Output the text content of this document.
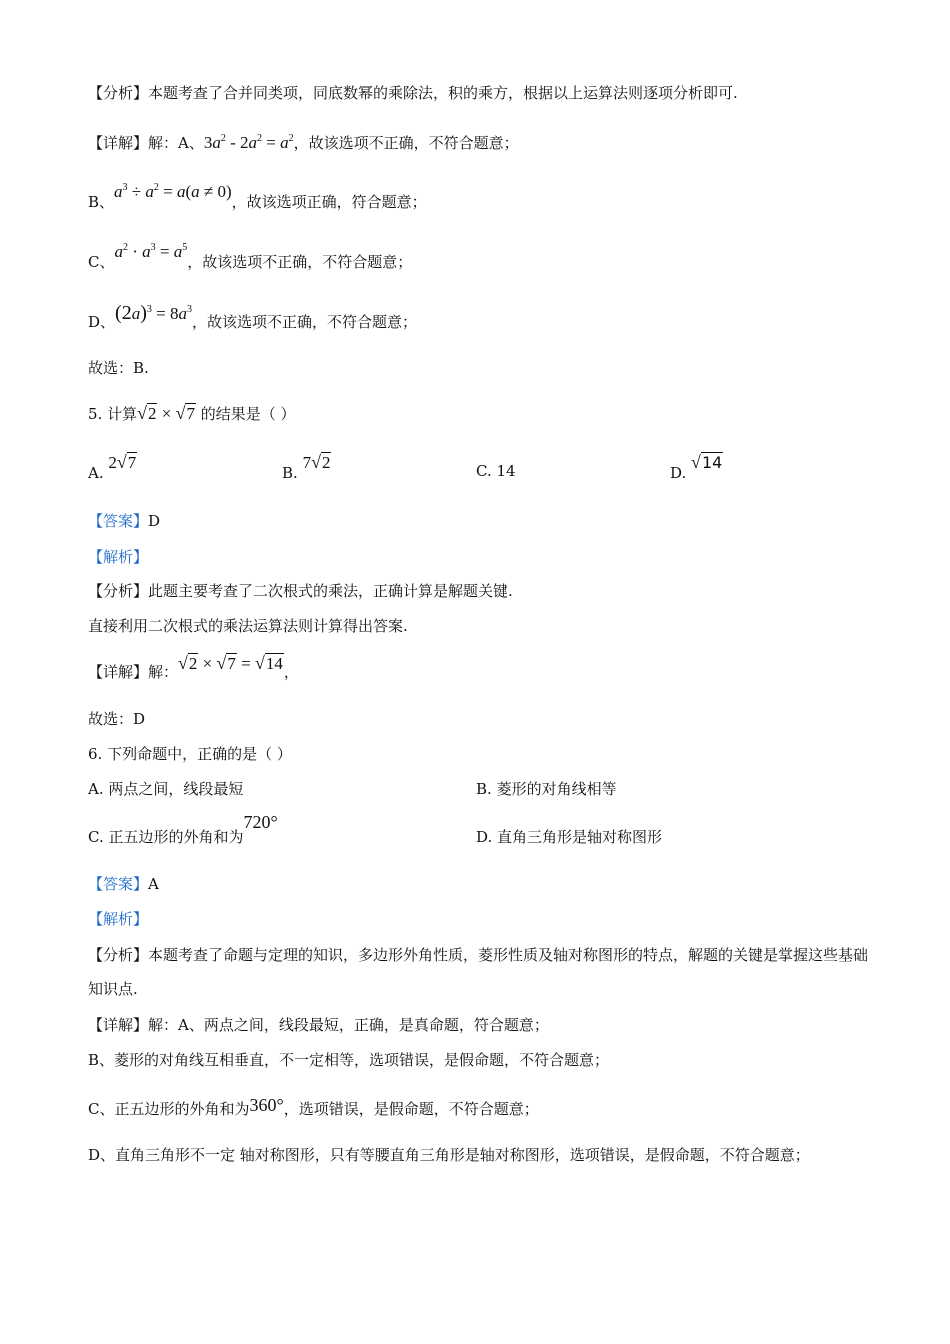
【分析】本题考查了合并同类项，同底数幂的乘除法，积的乘方，根据以上运算法则逐项分析即可.
【详解】解：A、$3a^2 - 2a^2 = a^2$，故该选项不正确，不符合题意；
B、$a^3 \div a^2 = a(a \ne 0)$，故该选项正确，符合题意；
C、$a^2 \cdot a^3 = a^5$，故该选项不正确，不符合题意；
D、$(2a)^3 = 8a^3$，故该选项不正确，不符合题意；
故选：B.
5. 计算√2 × √7 的结果是（ ）
A. 2√7
B. 7√2	C. 14	D. √14
【答案】D
【解析】
【分析】此题主要考查了二次根式的乘法，正确计算是解题关键.
直接利用二次根式的乘法运算法则计算得出答案.
【详解】解：√2 × √7 = √14，
故选：D
6. 下列命题中，正确的是（ ）
A. 两点之间，线段最短	B. 菱形的对角线相等
C. 正五边形的外角和为720°
D. 直角三角形是轴对称图形
【答案】A
【解析】
【分析】本题考查了命题与定理的知识，多边形外角性质，菱形性质及轴对称图形的特点，解题的关键是掌握这些基础知识点.
【详解】解：A、两点之间，线段最短，正确，是真命题，符合题意；
B、菱形的对角线互相垂直，不一定相等，选项错误，是假命题，不符合题意；
C、正五边形的外角和为360°，选项错误，是假命题，不符合题意；
D、直角三角形不一定 轴对称图形，只有等腰直角三角形是轴对称图形，选项错误，是假命题，不符合题意；
